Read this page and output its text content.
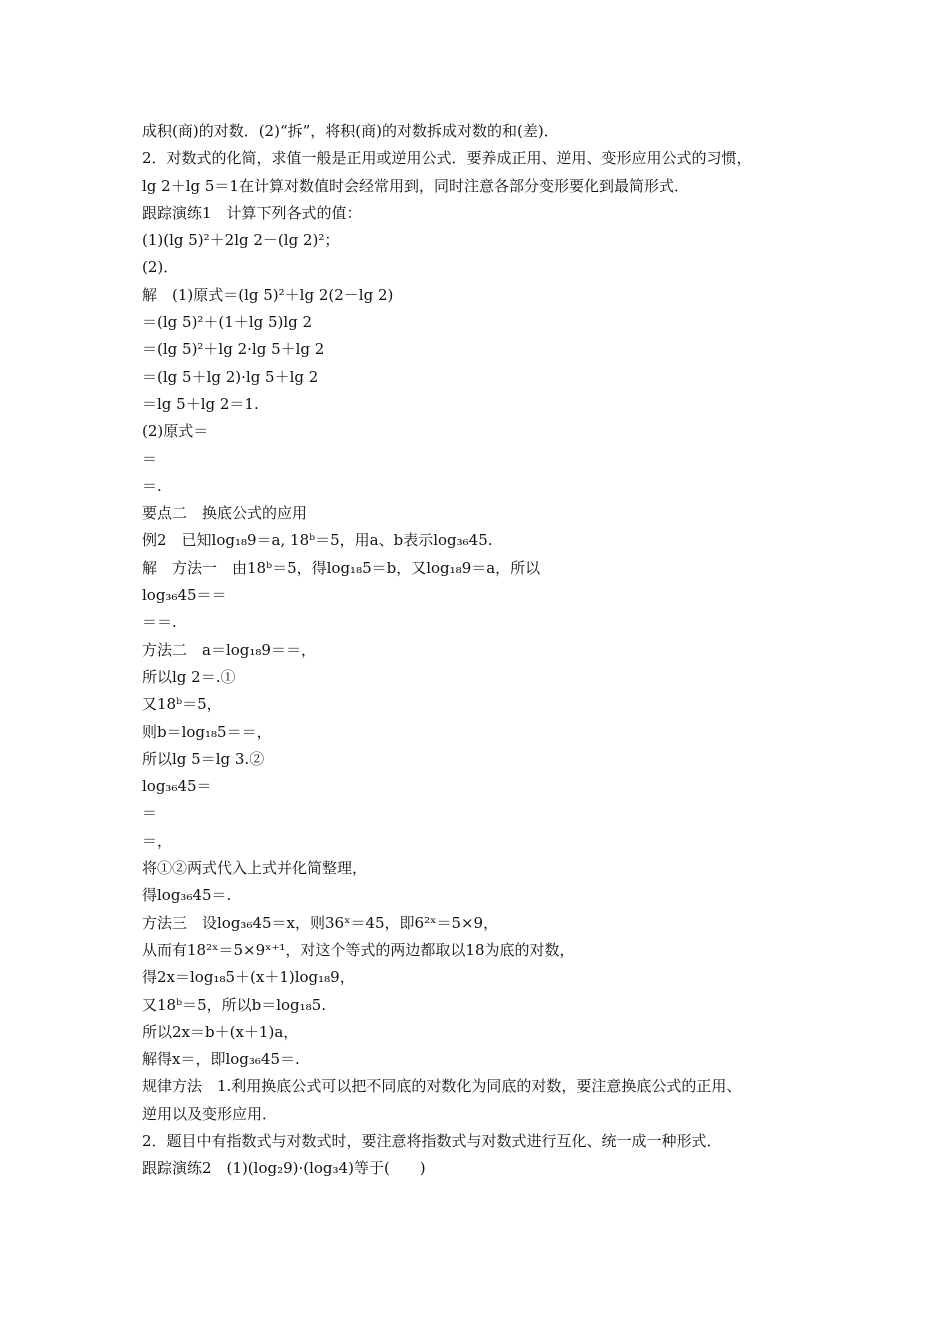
成积(商)的对数．(2)“拆”，将积(商)的对数拆成对数的和(差)．
2．对数式的化简，求值一般是正用或逆用公式．要养成正用、逆用、变形应用公式的习惯，
lg 2＋lg 5＝1在计算对数值时会经常用到，同时注意各部分变形要化到最简形式．
跟踪演练1　计算下列各式的值：
(1)(lg 5)²＋2lg 2－(lg 2)²；
(2)．
解　(1)原式＝(lg 5)²＋lg 2(2－lg 2)
＝(lg 5)²＋(1＋lg 5)lg 2
＝(lg 5)²＋lg 2·lg 5＋lg 2
＝(lg 5＋lg 2)·lg 5＋lg 2
＝lg 5＋lg 2＝1.
(2)原式＝
＝
＝.
要点二　换底公式的应用
例2　已知log₁₈9＝a, 18ᵇ＝5，用a、b表示log₃₆45.
解　方法一　由18ᵇ＝5，得log₁₈5＝b，又log₁₈9＝a，所以
log₃₆45＝＝
＝＝.
方法二　a＝log₁₈9＝＝，
所以lg 2＝.①
又18ᵇ＝5，
则b＝log₁₈5＝＝，
所以lg 5＝lg 3.②
log₃₆45＝
＝
＝，
将①②两式代入上式并化简整理，
得log₃₆45＝.
方法三　设log₃₆45＝x，则36ˣ＝45，即6²ˣ＝5×9，
从而有18²ˣ＝5×9ˣ⁺¹，对这个等式的两边都取以18为底的对数，
得2x＝log₁₈5＋(x＋1)log₁₈9，
又18ᵇ＝5，所以b＝log₁₈5.
所以2x＝b＋(x＋1)a，
解得x＝，即log₃₆45＝.
规律方法　1.利用换底公式可以把不同底的对数化为同底的对数，要注意换底公式的正用、
逆用以及变形应用．
2．题目中有指数式与对数式时，要注意将指数式与对数式进行互化、统一成一种形式．
跟踪演练2　(1)(log₂9)·(log₃4)等于(　　)
